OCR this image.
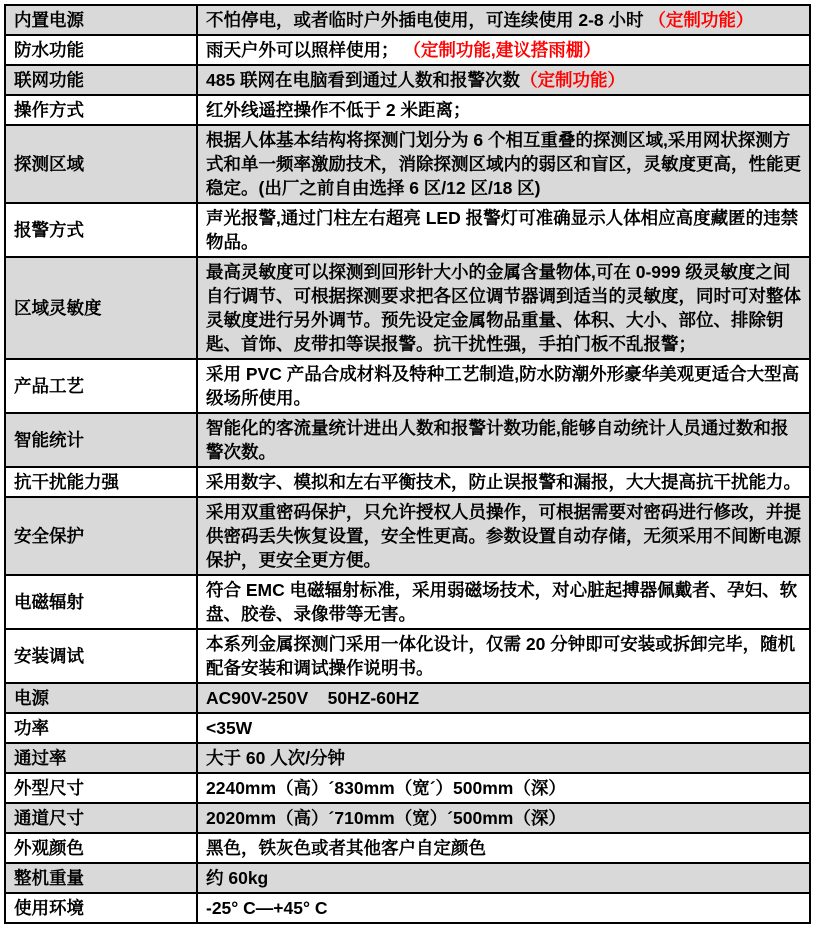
内置电源	不怕停电，或者临时户外插电使用，可连续使用 2-8 小时 （定制功能）
防水功能	雨天户外可以照样使用； （定制功能,建议搭雨棚）
联网功能	485 联网在电脑看到通过人数和报警次数（定制功能）
操作方式	红外线遥控操作不低于 2 米距离；
探测区域	根据人体基本结构将探测门划分为 6 个相互重叠的探测区域,采用网状探测方式和单一频率激励技术，消除探测区域内的弱区和盲区，灵敏度更高，性能更稳定。(出厂之前自由选择 6 区/12 区/18 区)
报警方式	声光报警,通过门柱左右超亮 LED 报警灯可准确显示人体相应高度藏匿的违禁物品。
区域灵敏度	最高灵敏度可以探测到回形针大小的金属含量物体,可在 0-999 级灵敏度之间自行调节、可根据探测要求把各区位调节器调到适当的灵敏度，同时可对整体灵敏度进行另外调节。预先设定金属物品重量、体积、大小、部位、排除钥匙、首饰、皮带扣等误报警。抗干扰性强，手拍门板不乱报警；
产品工艺	采用 PVC 产品合成材料及特种工艺制造,防水防潮外形豪华美观更适合大型高级场所使用。
智能统计	智能化的客流量统计进出人数和报警计数功能,能够自动统计人员通过数和报警次数。
抗干扰能力强	采用数字、模拟和左右平衡技术，防止误报警和漏报，大大提高抗干扰能力。
安全保护	采用双重密码保护，只允许授权人员操作，可根据需要对密码进行修改，并提供密码丢失恢复设置，安全性更高。参数设置自动存储，无须采用不间断电源保护，更安全更方便。
电磁辐射	符合 EMC 电磁辐射标准，采用弱磁场技术，对心脏起搏器佩戴者、孕妇、软盘、胶卷、录像带等无害。
安装调试	本系列金属探测门采用一体化设计，仅需 20 分钟即可安装或拆卸完毕，随机配备安装和调试操作说明书。
电源	AC90V-250V    50HZ-60HZ
功率	<35W
通过率	大于 60 人次/分钟
外型尺寸	2240mm（高）´830mm（宽´）500mm（深）
通道尺寸	2020mm（高）´710mm（宽）´500mm（深）
外观颜色	黑色，铁灰色或者其他客户自定颜色
整机重量	约 60kg
使用环境	-25° C—+45° C
